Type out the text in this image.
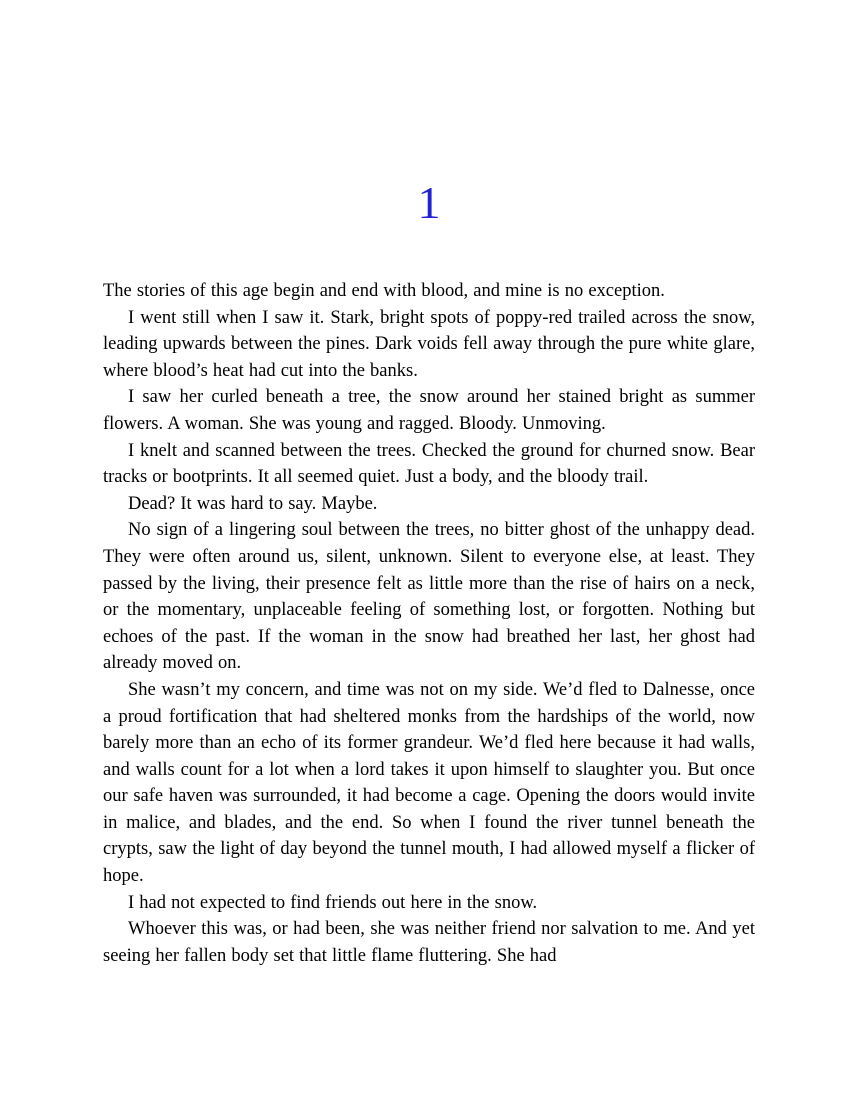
1

The stories of this age begin and end with blood, and mine is no exception.

I went still when I saw it. Stark, bright spots of poppy-red trailed across the snow, leading upwards between the pines. Dark voids fell away through the pure white glare, where blood’s heat had cut into the banks.

I saw her curled beneath a tree, the snow around her stained bright as summer flowers. A woman. She was young and ragged. Bloody. Unmoving.

I knelt and scanned between the trees. Checked the ground for churned snow. Bear tracks or bootprints. It all seemed quiet. Just a body, and the bloody trail.

Dead? It was hard to say. Maybe.

No sign of a lingering soul between the trees, no bitter ghost of the unhappy dead. They were often around us, silent, unknown. Silent to everyone else, at least. They passed by the living, their presence felt as little more than the rise of hairs on a neck, or the momentary, unplaceable feeling of something lost, or forgotten. Nothing but echoes of the past. If the woman in the snow had breathed her last, her ghost had already moved on.

She wasn’t my concern, and time was not on my side. We’d fled to Dalnesse, once a proud fortification that had sheltered monks from the hardships of the world, now barely more than an echo of its former grandeur. We’d fled here because it had walls, and walls count for a lot when a lord takes it upon himself to slaughter you. But once our safe haven was surrounded, it had become a cage. Opening the doors would invite in malice, and blades, and the end. So when I found the river tunnel beneath the crypts, saw the light of day beyond the tunnel mouth, I had allowed myself a flicker of hope.

I had not expected to find friends out here in the snow.

Whoever this was, or had been, she was neither friend nor salvation to me. And yet seeing her fallen body set that little flame fluttering. She had
